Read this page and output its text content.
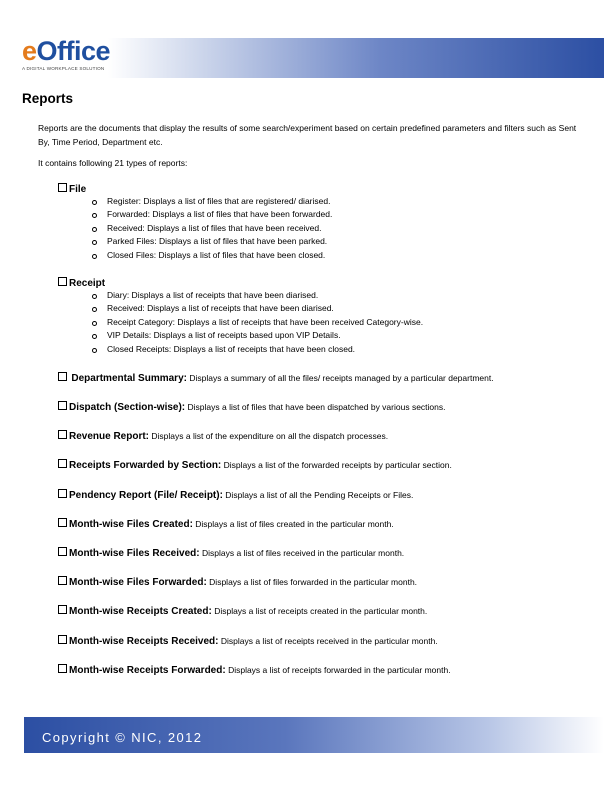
eOffice
A DIGITAL WORKPLACE SOLUTION
Reports
Reports are the documents that display the results of some search/experiment based on certain predefined parameters and filters such as Sent By, Time Period, Department etc.
It contains following 21 types of reports:
File
Register: Displays a list of files that are registered/ diarised.
Forwarded: Displays a list of files that have been forwarded.
Received: Displays a list of files that have been received.
Parked Files: Displays a list of files that have been parked.
Closed Files: Displays a list of files that have been closed.
Receipt
Diary: Displays a list of receipts that have been diarised.
Received: Displays a list of receipts that have been diarised.
Receipt Category: Displays a list of receipts that have been received Category-wise.
VIP Details: Displays a list of receipts based upon VIP Details.
Closed Receipts: Displays a list of receipts that have been closed.
Departmental Summary: Displays a summary of all the files/ receipts managed by a particular department.
Dispatch (Section-wise): Displays a list of files that have been dispatched by various sections.
Revenue Report: Displays a list of the expenditure on all the dispatch processes.
Receipts Forwarded by Section: Displays a list of the forwarded receipts by particular section.
Pendency Report (File/ Receipt): Displays a list of all the Pending Receipts or Files.
Month-wise Files Created: Displays a list of files created in the particular month.
Month-wise Files Received: Displays a list of files received in the particular month.
Month-wise Files Forwarded: Displays a list of files forwarded in the particular month.
Month-wise Receipts Created: Displays a list of receipts created in the particular month.
Month-wise Receipts Received: Displays a list of receipts received in the particular month.
Month-wise Receipts Forwarded: Displays a list of receipts forwarded in the particular month.
Copyright © NIC, 2012
